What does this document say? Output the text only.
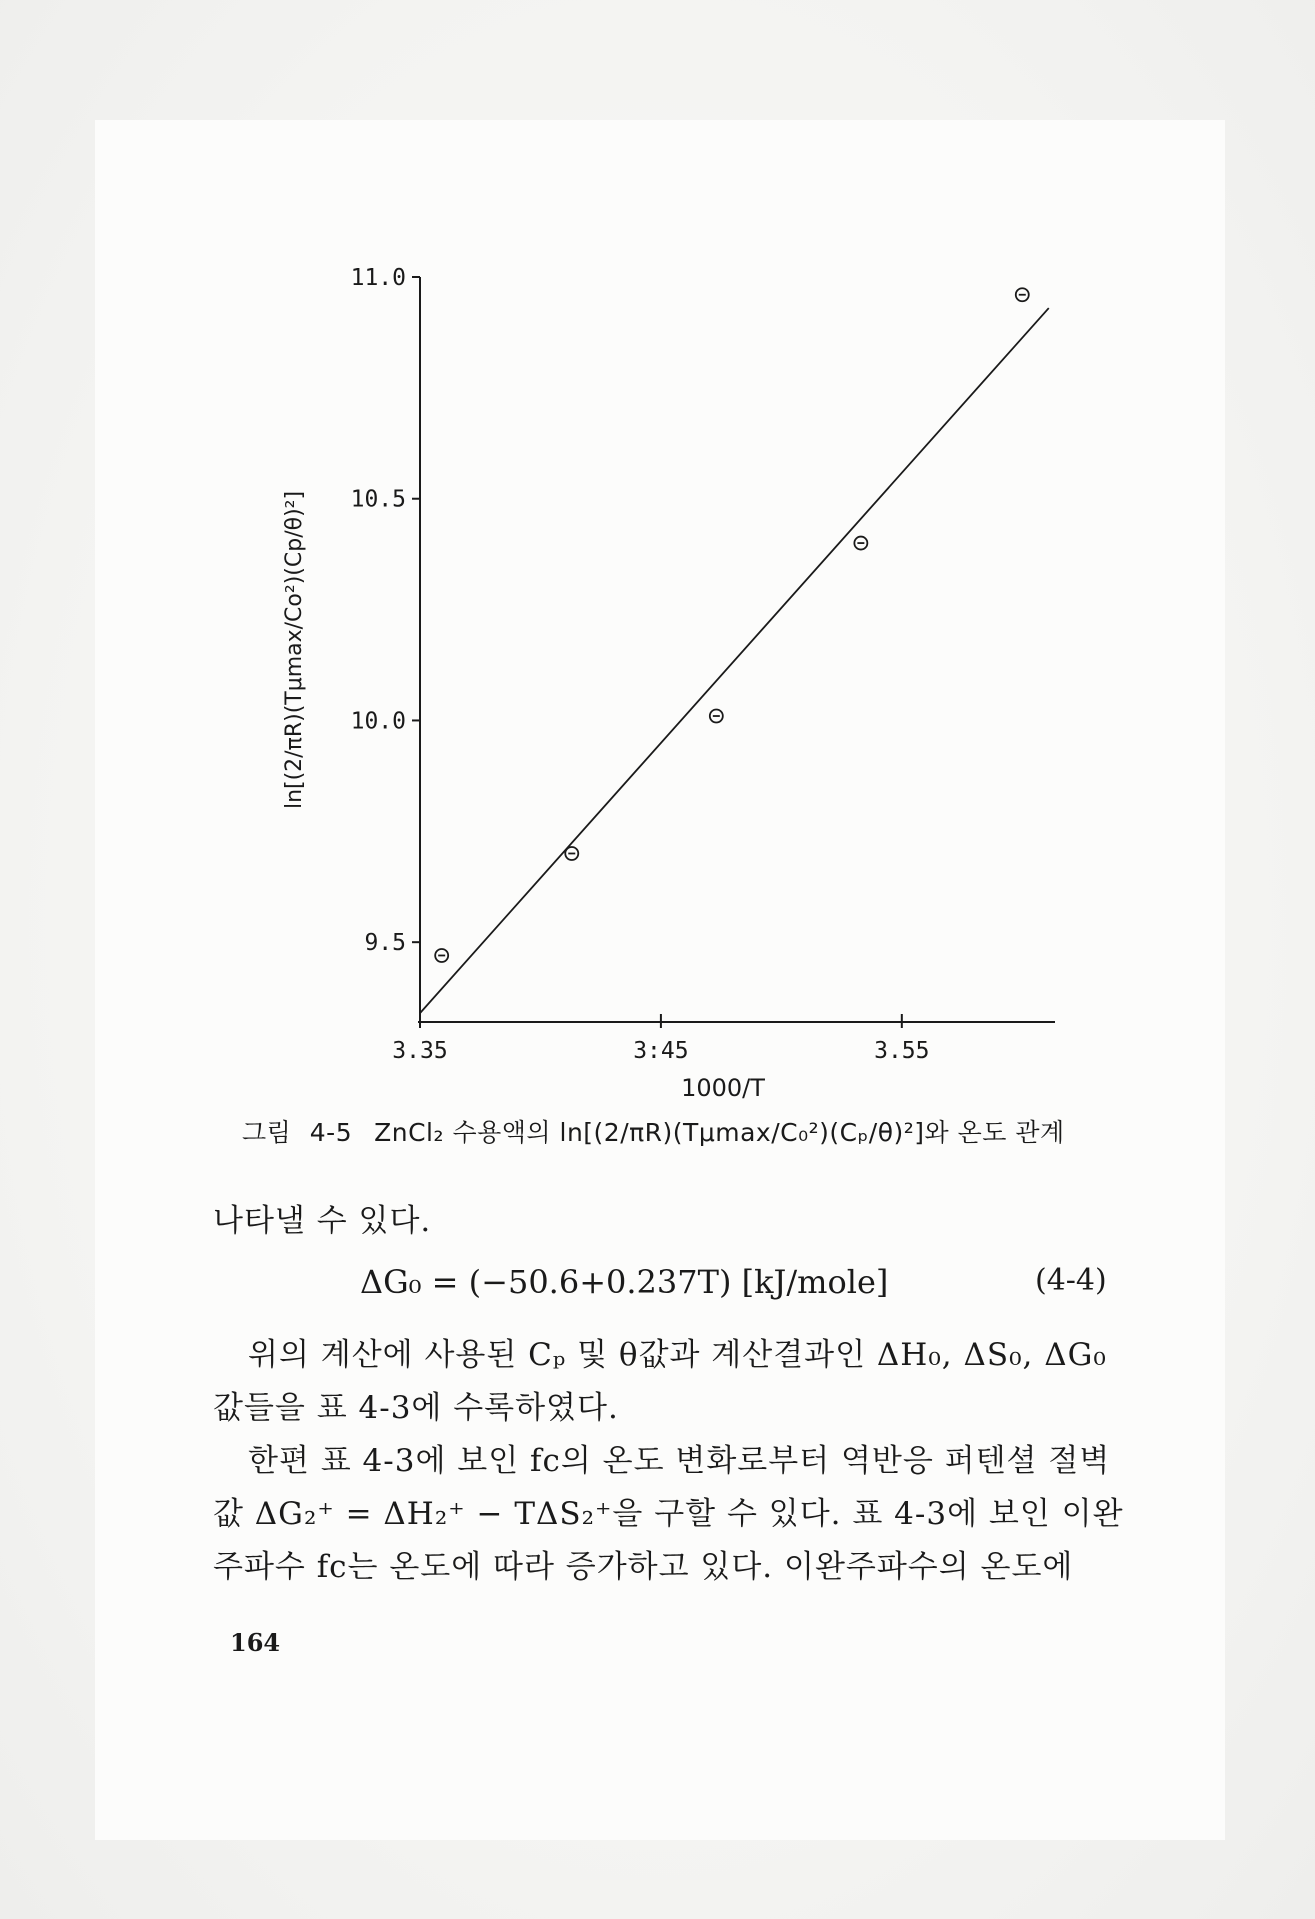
9.5
10.0
10.5
11.0
3.35	3:45	3.55
ln[(2/πR)(Tμmax/Co²)(Cp/θ)²]
1000/T
그림 4-5 ZnCl₂ 수용액의 ln[(2/πR)(Tμmax/C₀²)(Cₚ/θ)²]와 온도 관계
나타낼 수 있다.
ΔG₀ = (−50.6+0.237T) [kJ/mole]	(4-4)
위의 계산에 사용된 Cₚ 및 θ값과 계산결과인 ΔH₀, ΔS₀, ΔG₀
값들을 표 4-3에 수록하였다.
한편 표 4-3에 보인 fc의 온도 변화로부터 역반응 퍼텐셜 절벽
값 ΔG₂⁺ = ΔH₂⁺ − TΔS₂⁺을 구할 수 있다. 표 4-3에 보인 이완
주파수 fc는 온도에 따라 증가하고 있다. 이완주파수의 온도에
164
